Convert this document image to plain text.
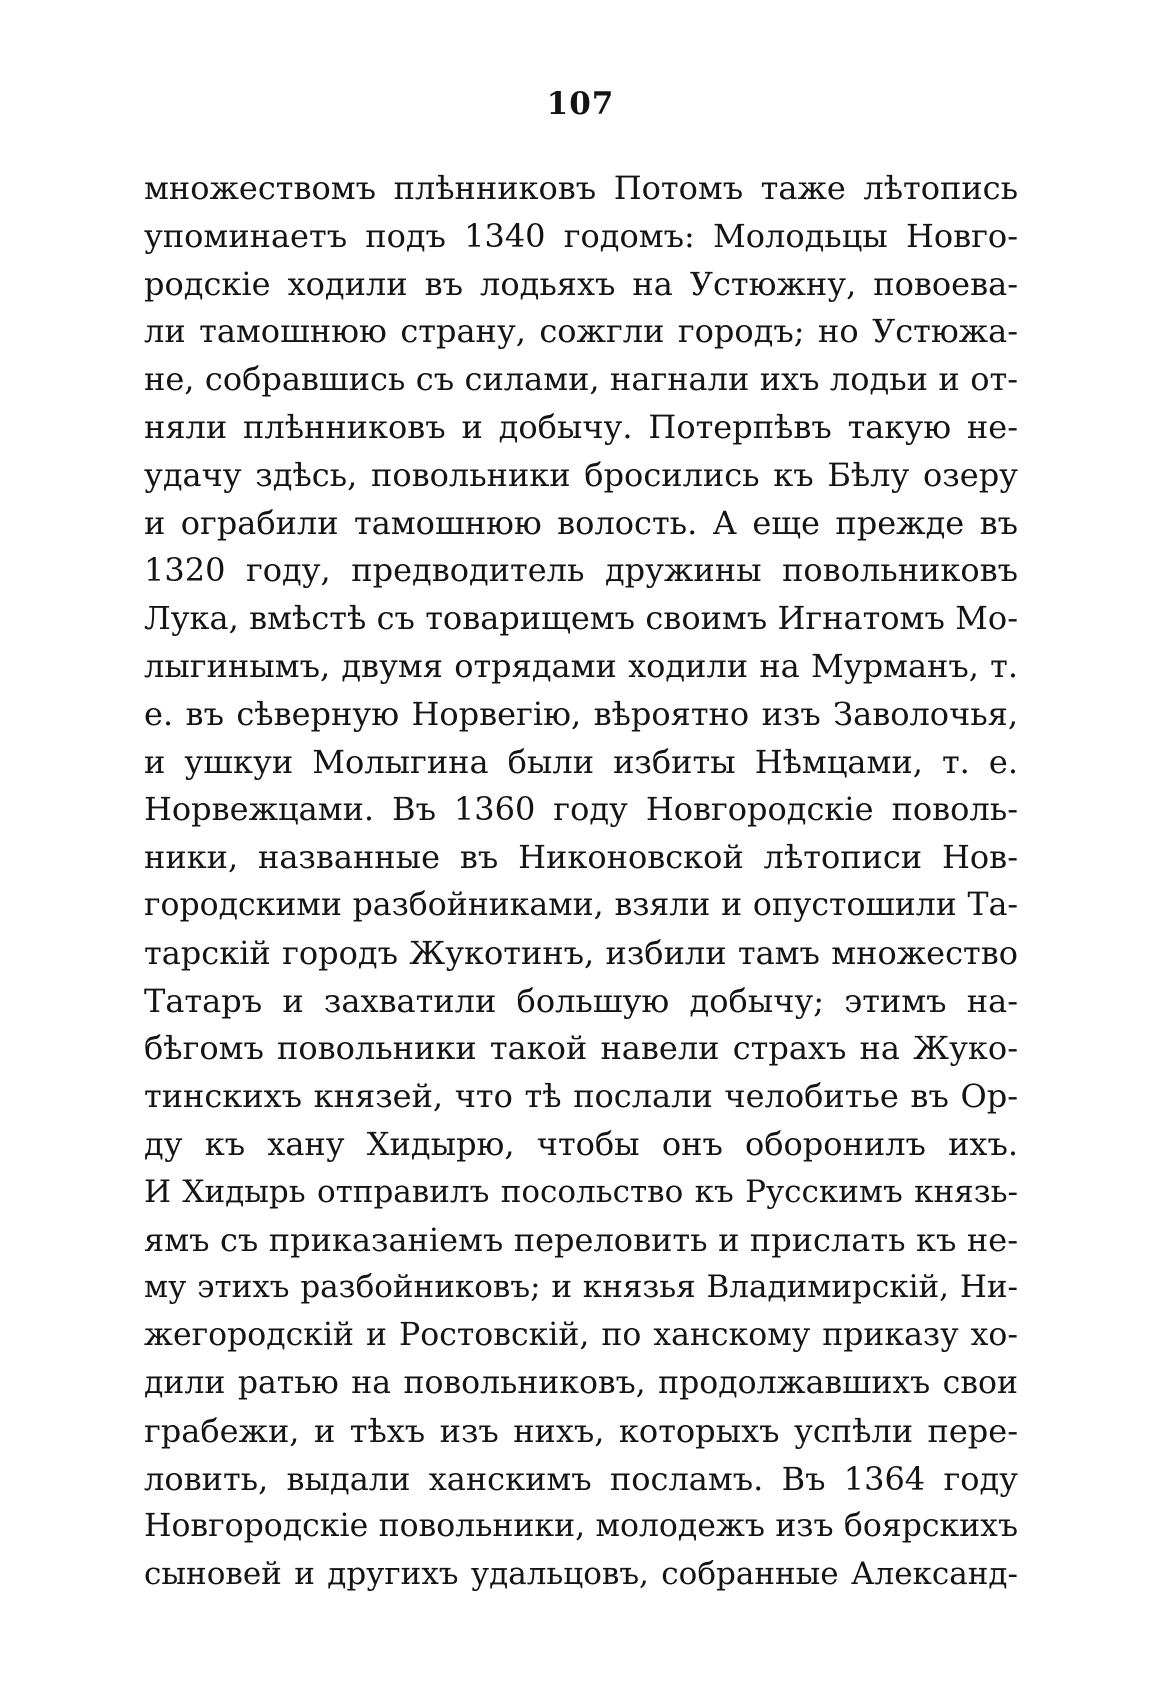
107
множествомъ плѣнниковъ Потомъ таже лѣтопись
упоминаетъ подъ 1340 годомъ: Молодьцы Новго-
родскіе ходили въ лодьяхъ на Устюжну, повоева-
ли тамошнюю страну, сожгли городъ; но Устюжа-
не, собравшись съ силами, нагнали ихъ лодьи и от-
няли плѣнниковъ и добычу. Потерпѣвъ такую не-
удачу здѣсь, повольники бросились къ Бѣлу озеру
и ограбили тамошнюю волость. А еще прежде въ
1320 году, предводитель дружины повольниковъ
Лука, вмѣстѣ съ товарищемъ своимъ Игнатомъ Мо-
лыгинымъ, двумя отрядами ходили на Мурманъ, т.
е. въ сѣверную Норвегію, вѣроятно изъ Заволочья,
и ушкуи Молыгина были избиты Нѣмцами, т. е.
Норвежцами. Въ 1360 году Новгородскіе поволь-
ники, названные въ Никоновской лѣтописи Нов-
городскими разбойниками, взяли и опустошили Та-
тарскій городъ Жукотинъ, избили тамъ множество
Татаръ и захватили большую добычу; этимъ на-
бѣгомъ повольники такой навели страхъ на Жуко-
тинскихъ князей, что тѣ послали челобитье въ Ор-
ду къ хану Хидырю, чтобы онъ оборонилъ ихъ.
И Хидырь отправилъ посольство къ Русскимъ князь-
ямъ съ приказаніемъ переловить и прислать къ не-
му этихъ разбойниковъ; и князья Владимирскій, Ни-
жегородскій и Ростовскій, по ханскому приказу хо-
дили ратью на повольниковъ, продолжавшихъ свои
грабежи, и тѣхъ изъ нихъ, которыхъ успѣли пере-
ловить, выдали ханскимъ посламъ. Въ 1364 году
Новгородскіе повольники, молодежъ изъ боярскихъ
сыновей и другихъ удальцовъ, собранные Александ-
